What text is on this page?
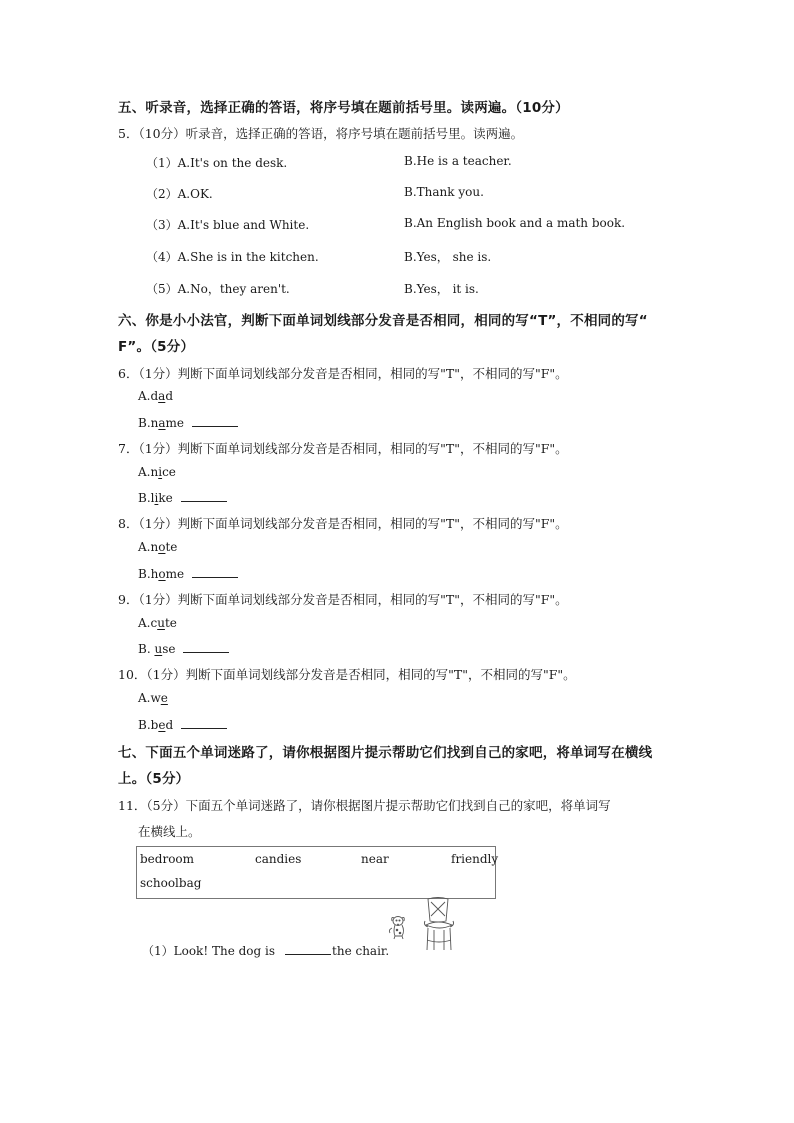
五、听录音，选择正确的答语，将序号填在题前括号里。读两遍。（10分）
5．（10分）听录音，选择正确的答语，将序号填在题前括号里。读两遍。
（1）A.It's on the desk.	B.He is a teacher.
（2）A.OK.	B.Thank you.
（3）A.It's blue and White.	B.An English book and a math book.
（4）A.She is in the kitchen.	B.Yes， she is.
（5）A.No，they aren't.	B.Yes， it is.
六、你是小小法官，判断下面单词划线部分发音是否相同，相同的写“T”，不相同的写“
F”。（5分）
6．（1分）判断下面单词划线部分发音是否相同，相同的写"T"，不相同的写"F"。
A.dad
B.name
7．（1分）判断下面单词划线部分发音是否相同，相同的写"T"，不相同的写"F"。
A.nice
B.like
8．（1分）判断下面单词划线部分发音是否相同，相同的写"T"，不相同的写"F"。
A.note
B.home
9．（1分）判断下面单词划线部分发音是否相同，相同的写"T"，不相同的写"F"。
A.cute
B. use
10．（1分）判断下面单词划线部分发音是否相同，相同的写"T"，不相同的写"F"。
A.we
B.bed
七、下面五个单词迷路了，请你根据图片提示帮助它们找到自己的家吧，将单词写在横线
上。（5分）
11．（5分）下面五个单词迷路了，请你根据图片提示帮助它们找到自己的家吧，将单词写
在横线上。
bedroom	candies	near	friendly
schoolbag
（1）Look! The dog is	the chair.
